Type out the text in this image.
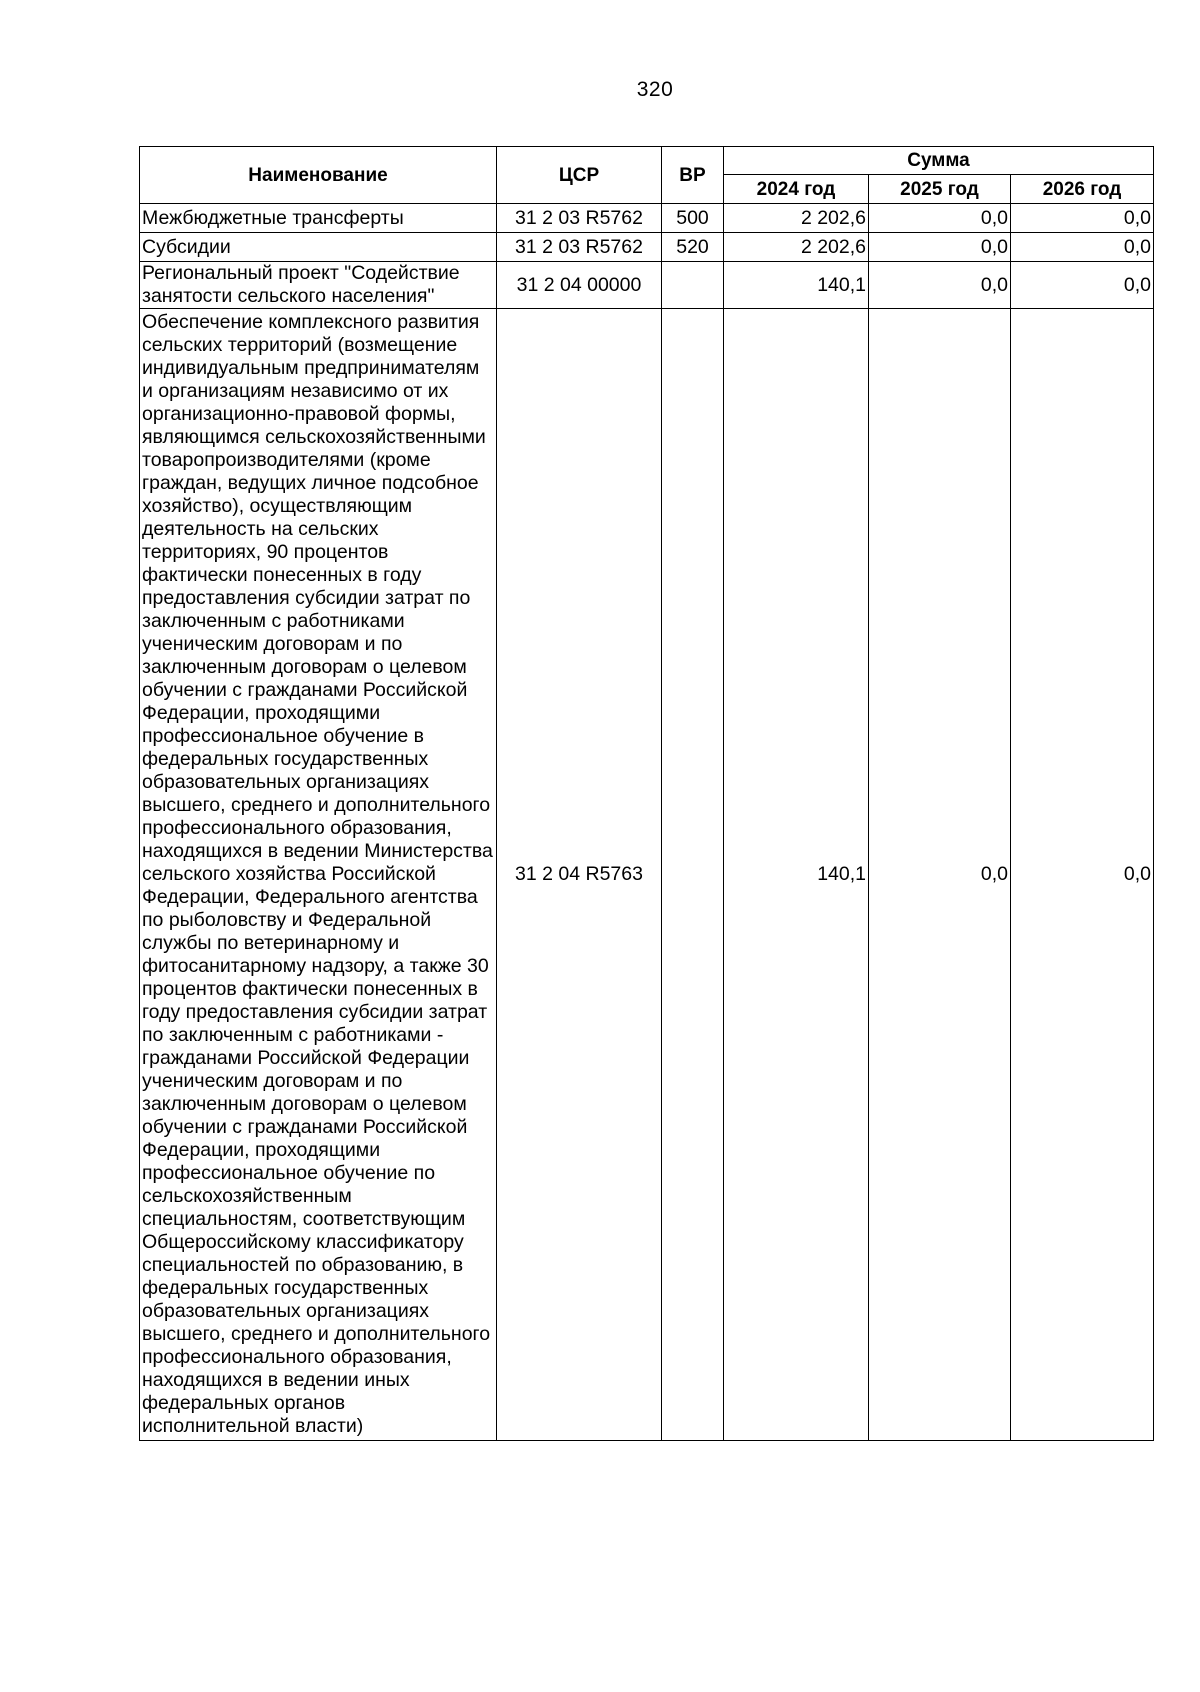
320
Наименование	ЦСР	ВР	Сумма		
			2024 год	2025 год	2026 год
Межбюджетные трансферты	31 2 03 R5762	500	2 202,6	0,0	0,0
Субсидии	31 2 03 R5762	520	2 202,6	0,0	0,0
Региональный проект "Содействие занятости сельского населения"	31 2 04 00000		140,1	0,0	0,0
Обеспечение комплексного развития сельских территорий (возмещение индивидуальным предпринимателям и организациям независимо от их организационно-правовой формы, являющимся сельскохозяйственными товаропроизводителями (кроме граждан, ведущих личное подсобное хозяйство), осуществляющим деятельность на сельских территориях, 90 процентов фактически понесенных в году предоставления субсидии затрат по заключенным с работниками ученическим договорам и по заключенным договорам о целевом обучении с гражданами Российской Федерации, проходящими профессиональное обучение в федеральных государственных образовательных организациях высшего, среднего и дополнительного профессионального образования, находящихся в ведении Министерства сельского хозяйства Российской Федерации, Федерального агентства по рыболовству и Федеральной службы по ветеринарному и фитосанитарному надзору, а также 30 процентов фактически понесенных в году предоставления субсидии затрат по заключенным с работниками - гражданами Российской Федерации ученическим договорам и по заключенным договорам о целевом обучении с гражданами Российской Федерации, проходящими профессиональное обучение по сельскохозяйственным специальностям, соответствующим Общероссийскому классификатору специальностей по образованию, в федеральных государственных образовательных организациях высшего, среднего и дополнительного профессионального образования, находящихся в ведении иных федеральных органов исполнительной власти)	31 2 04 R5763		140,1	0,0	0,0
